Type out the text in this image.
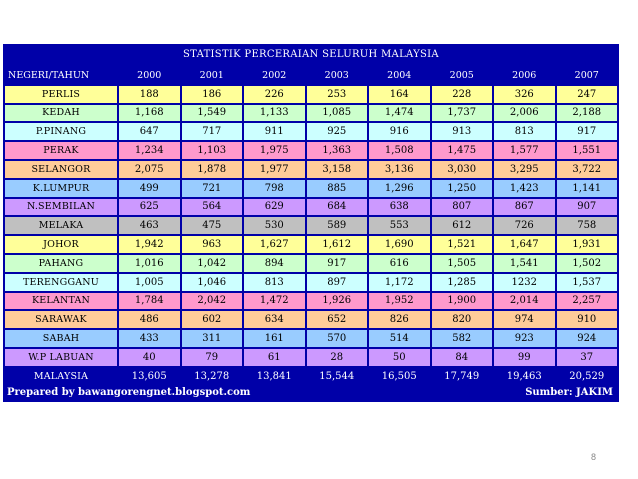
STATISTIK PERCERAIAN SELURUH MALAYSIA
NEGERI/TAHUN	2000	2001	2002	2003	2004	2005	2006	2007
PERLIS	188	186	226	253	164	228	326	247
KEDAH	1,168	1,549	1,133	1,085	1,474	1,737	2,006	2,188
P.PINANG	647	717	911	925	916	913	813	917
PERAK	1,234	1,103	1,975	1,363	1,508	1,475	1,577	1,551
SELANGOR	2,075	1,878	1,977	3,158	3,136	3,030	3,295	3,722
K.LUMPUR	499	721	798	885	1,296	1,250	1,423	1,141
N.SEMBILAN	625	564	629	684	638	807	867	907
MELAKA	463	475	530	589	553	612	726	758
JOHOR	1,942	963	1,627	1,612	1,690	1,521	1,647	1,931
PAHANG	1,016	1,042	894	917	616	1,505	1,541	1,502
TERENGGANU	1,005	1,046	813	897	1,172	1,285	1232	1,537
KELANTAN	1,784	2,042	1,472	1,926	1,952	1,900	2,014	2,257
SARAWAK	486	602	634	652	826	820	974	910
SABAH	433	311	161	570	514	582	923	924
W.P LABUAN	40	79	61	28	50	84	99	37
MALAYSIA	13,605	13,278	13,841	15,544	16,505	17,749	19,463	20,529
Prepared by bawangorengnet.blogspot.com	Sumber: JAKIM
8
